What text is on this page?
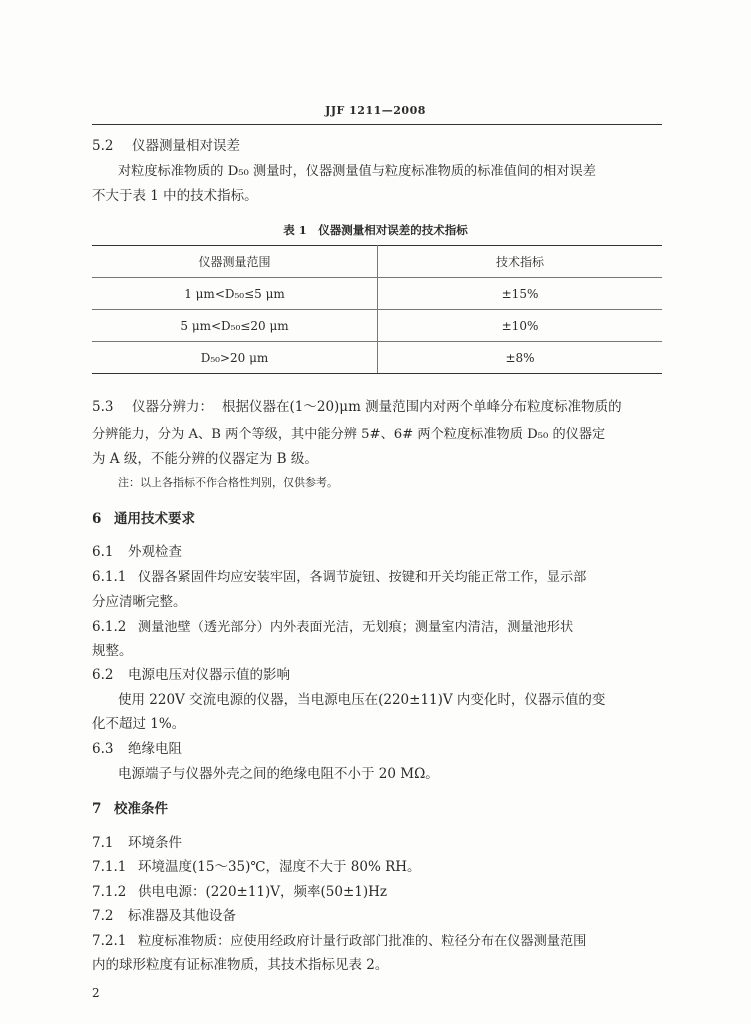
JJF 1211—2008
5.2 仪器测量相对误差
对粒度标准物质的 D₅₀ 测量时，仪器测量值与粒度标准物质的标准值间的相对误差
不大于表 1 中的技术指标。
表 1　仪器测量相对误差的技术指标
仪器测量范围	技术指标
1 μm<D₅₀≤5 μm	±15%
5 μm<D₅₀≤20 μm	±10%
D₅₀>20 μm	±8%
5.3 仪器分辨力： 根据仪器在(1～20)μm 测量范围内对两个单峰分布粒度标准物质的
分辨能力，分为 A、B 两个等级，其中能分辨 5#、6# 两个粒度标准物质 D₅₀ 的仪器定
为 A 级，不能分辨的仪器定为 B 级。
注：以上各指标不作合格性判别，仅供参考。
6 通用技术要求
6.1 外观检查
6.1.1 仪器各紧固件均应安装牢固，各调节旋钮、按键和开关均能正常工作，显示部
分应清晰完整。
6.1.2 测量池壁（透光部分）内外表面光洁，无划痕；测量室内清洁，测量池形状
规整。
6.2 电源电压对仪器示值的影响
使用 220V 交流电源的仪器，当电源电压在(220±11)V 内变化时，仪器示值的变
化不超过 1%。
6.3 绝缘电阻
电源端子与仪器外壳之间的绝缘电阻不小于 20 MΩ。
7 校准条件
7.1 环境条件
7.1.1 环境温度(15～35)℃，湿度不大于 80% RH。
7.1.2 供电电源：(220±11)V，频率(50±1)Hz
7.2 标准器及其他设备
7.2.1 粒度标准物质：应使用经政府计量行政部门批准的、粒径分布在仪器测量范围
内的球形粒度有证标准物质，其技术指标见表 2。
2
